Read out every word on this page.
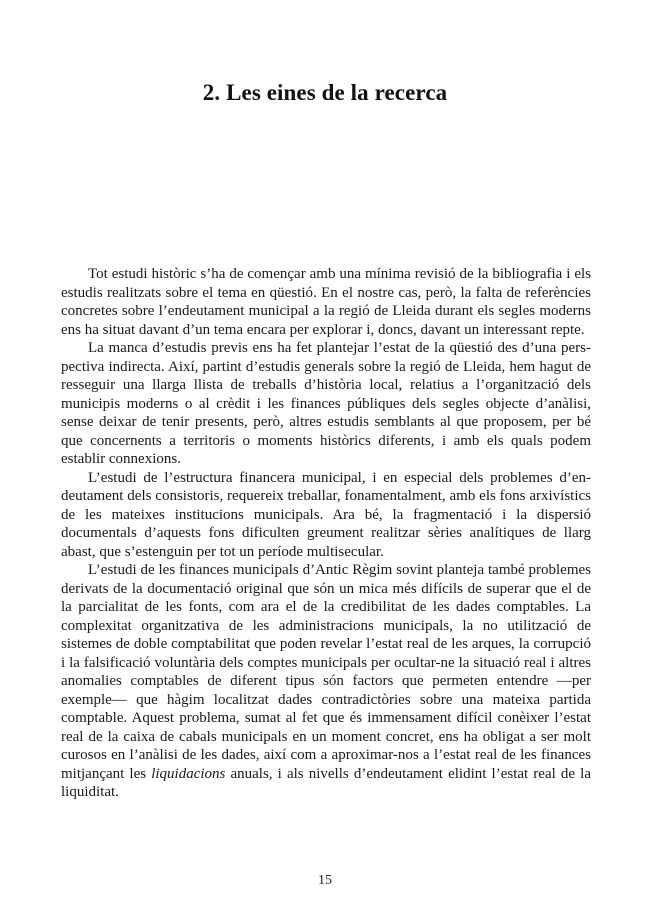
2. Les eines de la recerca

Tot estudi històric s’ha de començar amb una mínima revisió de la bibliografia i els estudis realitzats sobre el tema en qüestió. En el nostre cas, però, la falta de referències concretes sobre l’endeutament municipal a la regió de Lleida durant els segles moderns ens ha situat davant d’un tema encara per explorar i, doncs, davant un interessant repte.

La manca d’estudis previs ens ha fet plantejar l’estat de la qüestió des d’una perspectiva indirecta. Així, partint d’estudis generals sobre la regió de Lleida, hem hagut de resseguir una llarga llista de treballs d’història local, relatius a l’organització dels municipis moderns o al crèdit i les finances públiques dels segles objecte d’anàlisi, sense deixar de tenir presents, però, altres estudis semblants al que proposem, per bé que concernents a territoris o moments històrics diferents, i amb els quals podem establir connexions.

L’estudi de l’estructura financera municipal, i en especial dels problemes d’endeutament dels consistoris, requereix treballar, fonamentalment, amb els fons arxivístics de les mateixes institucions municipals. Ara bé, la fragmentació i la dispersió documentals d’aquests fons dificulten greument realitzar sèries analítiques de llarg abast, que s’estenguin per tot un període multisecular.

L’estudi de les finances municipals d’Antic Règim sovint planteja també problemes derivats de la documentació original que són un mica més difícils de superar que el de la parcialitat de les fonts, com ara el de la credibilitat de les dades comptables. La complexitat organitzativa de les administracions municipals, la no utilització de sistemes de doble comptabilitat que poden revelar l’estat real de les arques, la corrupció i la falsificació voluntària dels comptes municipals per ocultar-ne la situació real i altres anomalies comptables de diferent tipus són factors que permeten entendre —per exemple— que hàgim localitzat dades contradictòries sobre una mateixa partida comptable. Aquest problema, sumat al fet que és immensament difícil conèixer l’estat real de la caixa de cabals municipals en un moment concret, ens ha obligat a ser molt curosos en l’anàlisi de les dades, així com a aproximar-nos a l’estat real de les finances mitjançant les liquidacions anuals, i als nivells d’endeutament elidint l’estat real de la liquiditat.

15
